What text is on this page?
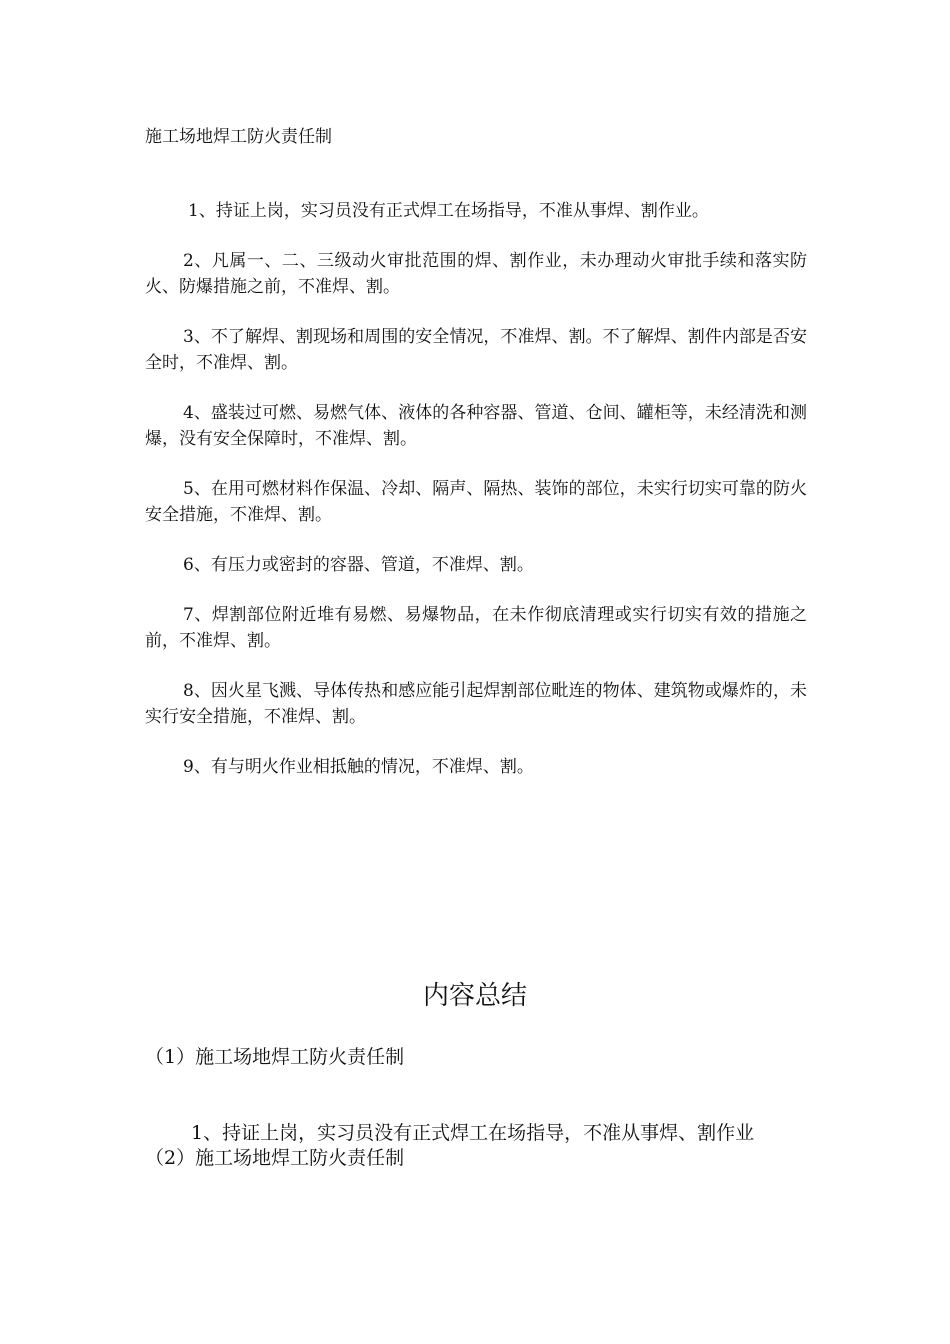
施工场地焊工防火责任制

1、持证上岗，实习员没有正式焊工在场指导，不准从事焊、割作业。

2、凡属一、二、三级动火审批范围的焊、割作业，未办理动火审批手续和落实防火、防爆措施之前，不准焊、割。

3、不了解焊、割现场和周围的安全情况，不准焊、割。不了解焊、割件内部是否安全时，不准焊、割。

4、盛装过可燃、易燃气体、液体的各种容器、管道、仓间、罐柜等，未经清洗和测爆，没有安全保障时，不准焊、割。

5、在用可燃材料作保温、冷却、隔声、隔热、装饰的部位，未实行切实可靠的防火安全措施，不准焊、割。

6、有压力或密封的容器、管道，不准焊、割。

7、焊割部位附近堆有易燃、易爆物品，在未作彻底清理或实行切实有效的措施之前，不准焊、割。

8、因火星飞溅、导体传热和感应能引起焊割部位毗连的物体、建筑物或爆炸的，未实行安全措施，不准焊、割。

9、有与明火作业相抵触的情况，不准焊、割。

内容总结
（1）施工场地焊工防火责任制
1、持证上岗，实习员没有正式焊工在场指导，不准从事焊、割作业
（2）施工场地焊工防火责任制
